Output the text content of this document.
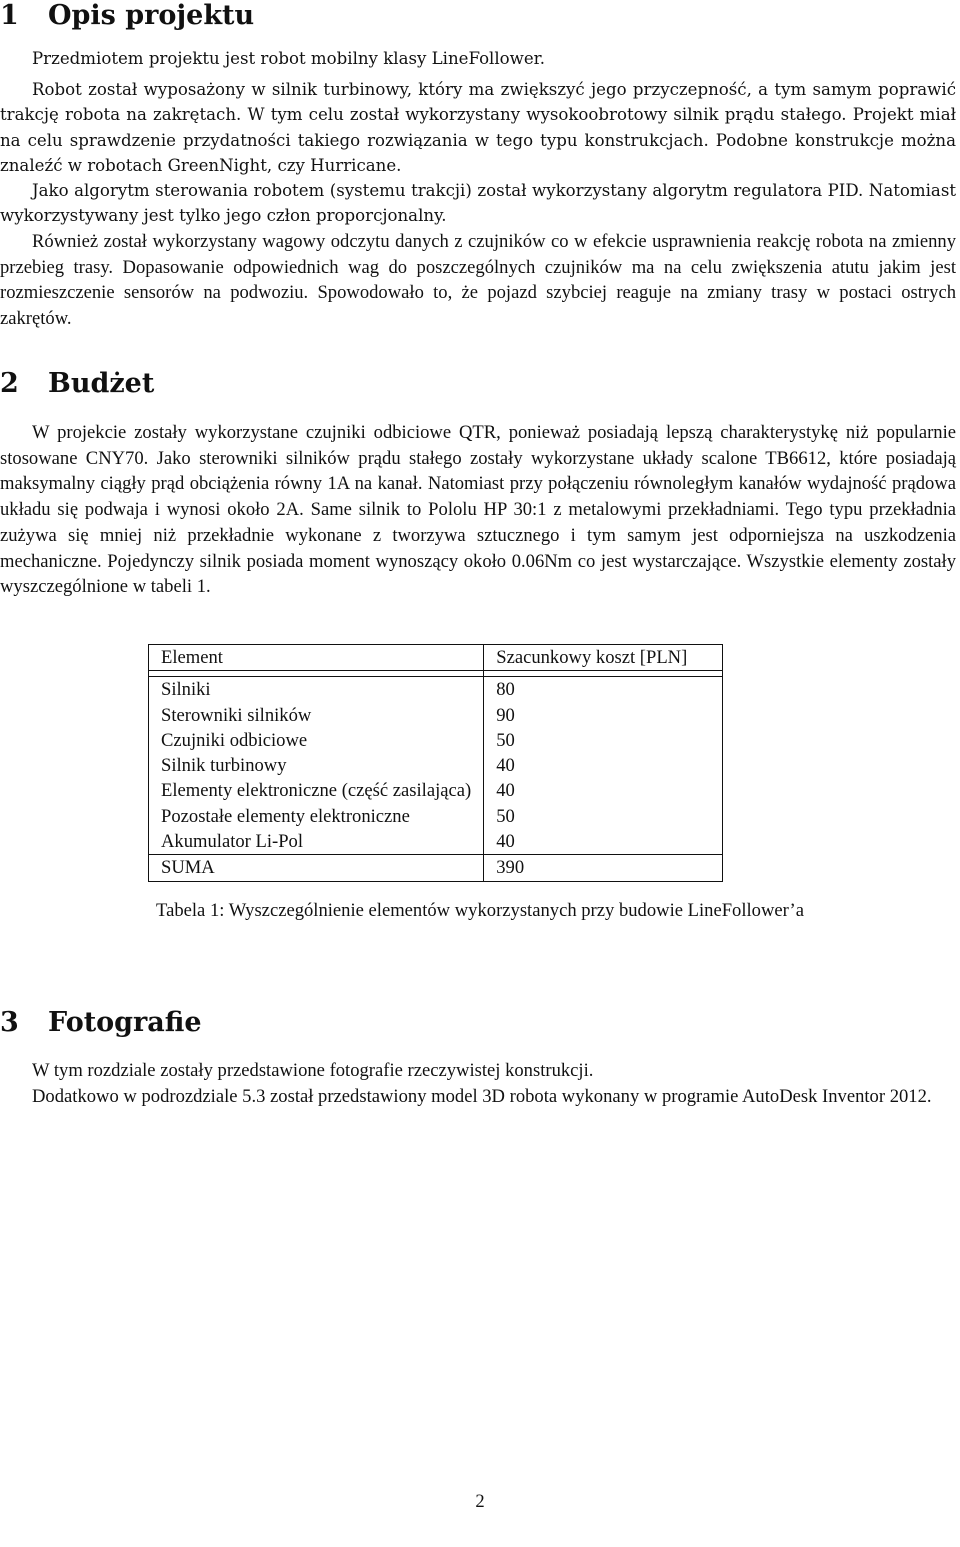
1 Opis projektu

Przedmiotem projektu jest robot mobilny klasy LineFollower.

Robot został wyposażony w silnik turbinowy, który ma zwiększyć jego przyczepność, a tym samym poprawić trakcję robota na zakrętach. W tym celu został wykorzystany wysokoobrotowy silnik prądu stałego. Projekt miał na celu sprawdzenie przydatności takiego rozwiązania w tego typu konstrukcjach. Podobne konstrukcje można znaleźć w robotach GreenNight, czy Hurricane.

Jako algorytm sterowania robotem (systemu trakcji) został wykorzystany algorytm regulatora PID. Natomiast wykorzystywany jest tylko jego człon proporcjonalny.

Również został wykorzystany wagowy odczytu danych z czujników co w efekcie usprawnienia reakcję robota na zmienny przebieg trasy. Dopasowanie odpowiednich wag do poszczególnych czujników ma na celu zwiększenia atutu jakim jest rozmieszczenie sensorów na podwoziu. Spowodowało to, że pojazd szybciej reaguje na zmiany trasy w postaci ostrych zakrętów.

2 Budżet

W projekcie zostały wykorzystane czujniki odbiciowe QTR, ponieważ posiadają lepszą charakterystykę niż popularnie stosowane CNY70. Jako sterowniki silników prądu stałego zostały wykorzystane układy scalone TB6612, które posiadają maksymalny ciągły prąd obciążenia równy 1A na kanał. Natomiast przy połączeniu równoległym kanałów wydajność prądowa układu się podwaja i wynosi około 2A. Same silnik to Pololu HP 30:1 z metalowymi przekładniami. Tego typu przekładnia zużywa się mniej niż przekładnie wykonane z tworzywa sztucznego i tym samym jest odporniejsza na uszkodzenia mechaniczne. Pojedynczy silnik posiada moment wynoszący około 0.06Nm co jest wystarczające. Wszystkie elementy zostały wyszczególnione w tabeli 1.

Element	Szacunkowy koszt [PLN]

Silniki	80
Sterowniki silników	90
Czujniki odbiciowe	50
Silnik turbinowy	40
Elementy elektroniczne (część zasilająca)	40
Pozostałe elementy elektroniczne	50
Akumulator Li-Pol	40
SUMA	390

Tabela 1: Wyszczególnienie elementów wykorzystanych przy budowie LineFollower’a

3 Fotografie

W tym rozdziale zostały przedstawione fotografie rzeczywistej konstrukcji.

Dodatkowo w podrozdziale 5.3 został przedstawiony model 3D robota wykonany w programie AutoDesk Inventor 2012.

2
